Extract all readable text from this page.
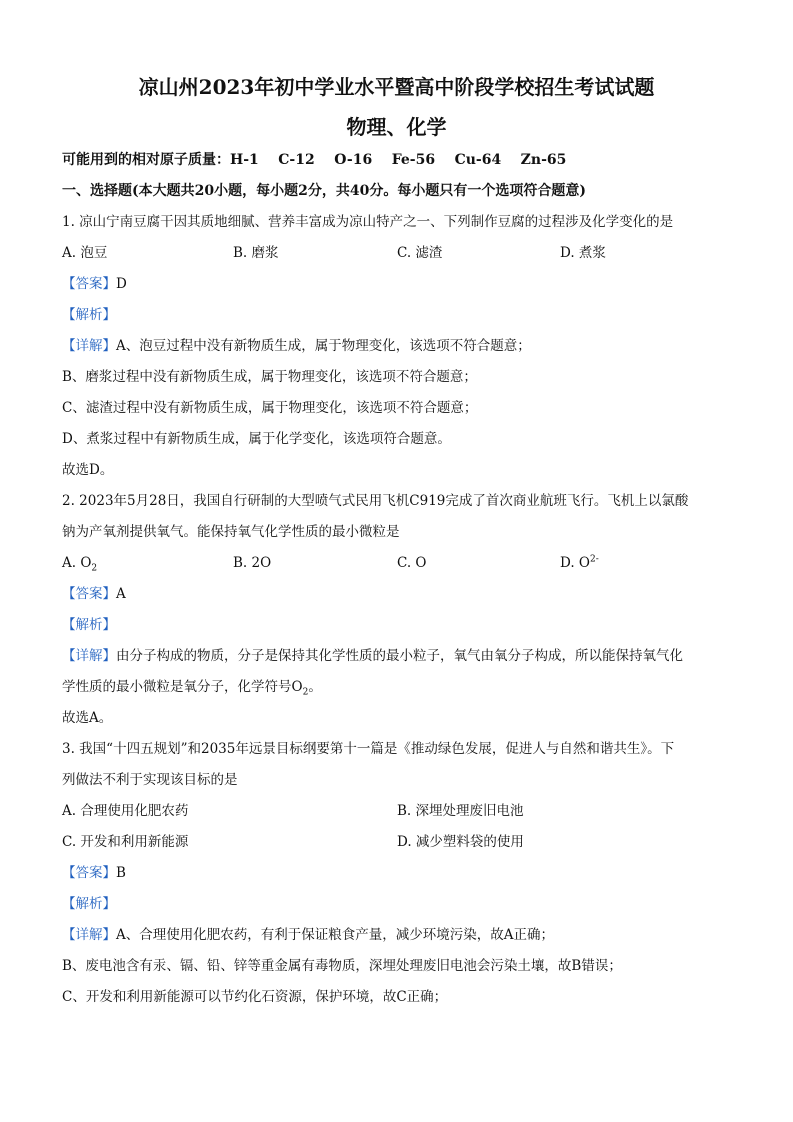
凉山州2023年初中学业水平暨高中阶段学校招生考试试题
物理、化学
可能用到的相对原子质量：H-1    C-12    O-16    Fe-56    Cu-64    Zn-65
一、选择题(本大题共20小题，每小题2分，共40分。每小题只有一个选项符合题意)
1. 凉山宁南豆腐干因其质地细腻、营养丰富成为凉山特产之一、下列制作豆腐的过程涉及化学变化的是
A. 泡豆	B. 磨浆	C. 滤渣	D. 煮浆
【答案】D
【解析】
【详解】A、泡豆过程中没有新物质生成，属于物理变化，该选项不符合题意；
B、磨浆过程中没有新物质生成，属于物理变化，该选项不符合题意；
C、滤渣过程中没有新物质生成，属于物理变化，该选项不符合题意；
D、煮浆过程中有新物质生成，属于化学变化，该选项符合题意。
故选D。
2. 2023年5月28日，我国自行研制的大型喷气式民用飞机C919完成了首次商业航班飞行。飞机上以氯酸
钠为产氧剂提供氧气。能保持氧气化学性质的最小微粒是
A. $O_2$	B. 2O	C. O	D. $O^{2-}$
【答案】A
【解析】
【详解】由分子构成的物质，分子是保持其化学性质的最小粒子，氧气由氧分子构成，所以能保持氧气化
学性质的最小微粒是氧分子，化学符号$O_2$。
故选A。
3. 我国“十四五规划”和2035年远景目标纲要第十一篇是《推动绿色发展，促进人与自然和谐共生》。下
列做法不利于实现该目标的是
A. 合理使用化肥农药	B. 深埋处理废旧电池
C. 开发和利用新能源	D. 减少塑料袋的使用
【答案】B
【解析】
【详解】A、合理使用化肥农药，有利于保证粮食产量，减少环境污染，故A正确；
B、废电池含有汞、镉、铅、锌等重金属有毒物质，深埋处理废旧电池会污染土壤，故B错误；
C、开发和利用新能源可以节约化石资源，保护环境，故C正确；
